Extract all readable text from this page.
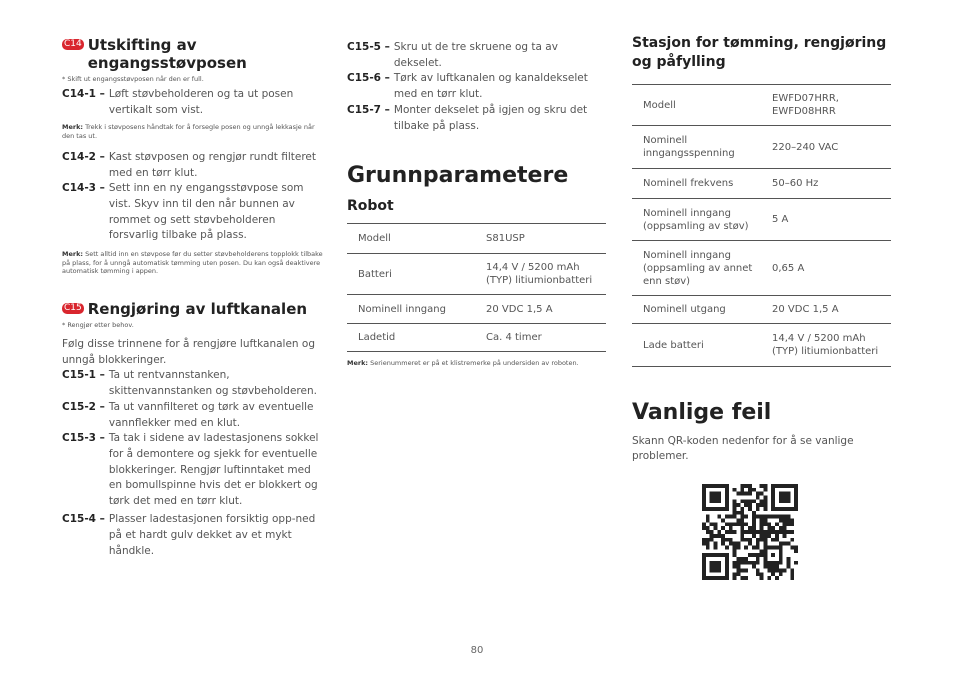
C14 Utskifting av engangsstøvposen
* Skift ut engangsstøvposen når den er full.
C14-1 – Løft støvbeholderen og ta ut posen vertikalt som vist.
Merk: Trekk i støvposens håndtak for å forsegle posen og unngå lekkasje når den tas ut.
C14-2 – Kast støvposen og rengjør rundt filteret med en tørr klut.
C14-3 – Sett inn en ny engangsstøvpose som vist. Skyv inn til den når bunnen av rommet og sett støvbeholderen forsvarlig tilbake på plass.
Merk: Sett alltid inn en støvpose før du setter støvbeholderens topplokk tilbake på plass, for å unngå automatisk tømming uten posen. Du kan også deaktivere automatisk tømming i appen.
C15 Rengjøring av luftkanalen
* Rengjør etter behov.
Følg disse trinnene for å rengjøre luftkanalen og unngå blokkeringer.
C15-1 – Ta ut rentvannstanken, skittenvannstanken og støvbeholderen.
C15-2 – Ta ut vannfilteret og tørk av eventuelle vannflekker med en klut.
C15-3 – Ta tak i sidene av ladestasjonens sokkel for å demontere og sjekk for eventuelle blokkeringer. Rengjør luftinntaket med en bomullspinne hvis det er blokkert og tørk det med en tørr klut.
C15-4 – Plasser ladestasjonen forsiktig opp-ned på et hardt gulv dekket av et mykt håndkle.
C15-5 – Skru ut de tre skruene og ta av dekselet.
C15-6 – Tørk av luftkanalen og kanaldekselet med en tørr klut.
C15-7 – Monter dekselet på igjen og skru det tilbake på plass.
Grunnparametere
Robot
Modell	S81USP
Batteri	14,4 V / 5200 mAh (TYP) litiumionbatteri
Nominell inngang	20 VDC 1,5 A
Ladetid	Ca. 4 timer
Merk: Serienummeret er på et klistremerke på undersiden av roboten.
Stasjon for tømming, rengjøring og påfylling
Modell	EWFD07HRR, EWFD08HRR
Nominell inngangsspenning	220–240 VAC
Nominell frekvens	50–60 Hz
Nominell inngang (oppsamling av støv)	5 A
Nominell inngang (oppsamling av annet enn støv)	0,65 A
Nominell utgang	20 VDC 1,5 A
Lade batteri	14,4 V / 5200 mAh (TYP) litiumionbatteri
Vanlige feil
Skann QR-koden nedenfor for å se vanlige problemer.
80
